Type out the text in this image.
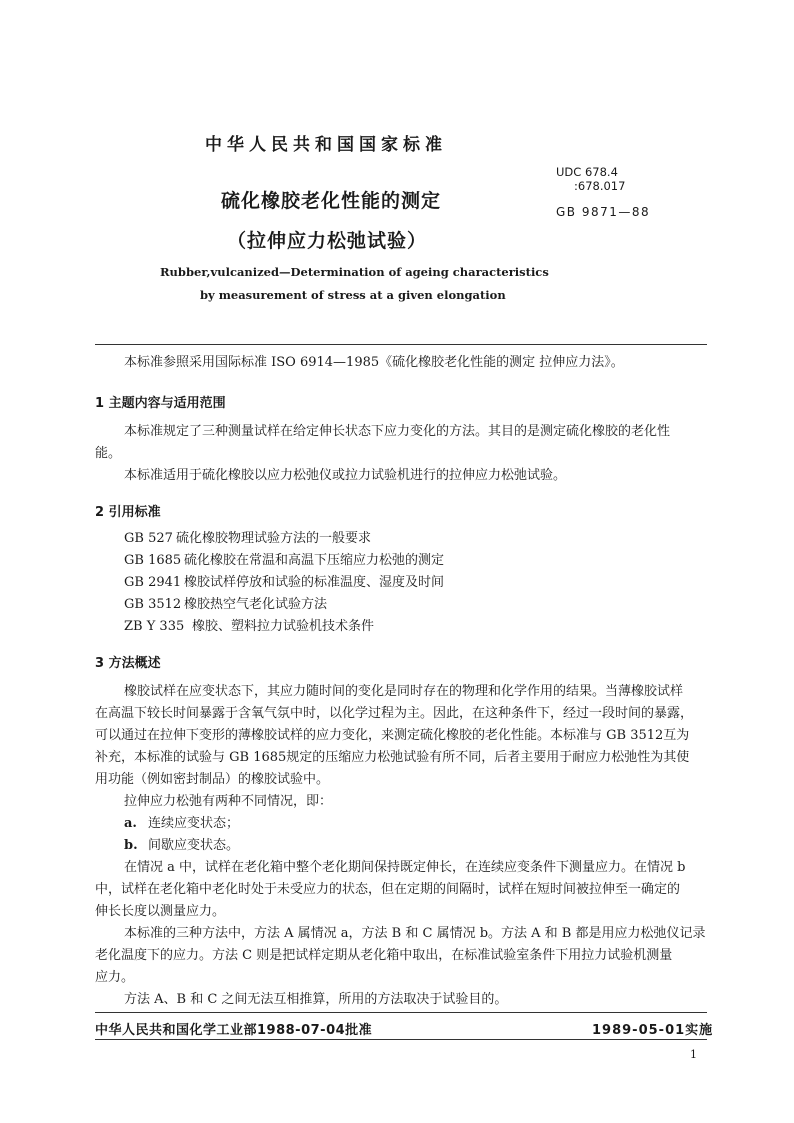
中华人民共和国国家标准
UDC 678.4
:678.017
GB 9871—88
硫化橡胶老化性能的测定
（拉伸应力松弛试验）
Rubber,vulcanized—Determination of ageing characteristics
by measurement of stress at a given elongation
本标准参照采用国际标准 ISO 6914—1985《硫化橡胶老化性能的测定 拉伸应力法》。
1 主题内容与适用范围
本标准规定了三种测量试样在给定伸长状态下应力变化的方法。其目的是测定硫化橡胶的老化性
能。
本标准适用于硫化橡胶以应力松弛仪或拉力试验机进行的拉伸应力松弛试验。
2 引用标准
GB 527 硫化橡胶物理试验方法的一般要求
GB 1685 硫化橡胶在常温和高温下压缩应力松弛的测定
GB 2941 橡胶试样停放和试验的标准温度、湿度及时间
GB 3512 橡胶热空气老化试验方法
ZB Y 335 橡胶、塑料拉力试验机技术条件
3 方法概述
橡胶试样在应变状态下，其应力随时间的变化是同时存在的物理和化学作用的结果。当薄橡胶试样
在高温下较长时间暴露于含氧气氛中时，以化学过程为主。因此，在这种条件下，经过一段时间的暴露，
可以通过在拉伸下变形的薄橡胶试样的应力变化，来测定硫化橡胶的老化性能。本标准与 GB 3512互为
补充，本标准的试验与 GB 1685规定的压缩应力松弛试验有所不同，后者主要用于耐应力松弛性为其使
用功能（例如密封制品）的橡胶试验中。
拉伸应力松弛有两种不同情况，即：
a. 连续应变状态；
b. 间歇应变状态。
在情况 a 中，试样在老化箱中整个老化期间保持既定伸长，在连续应变条件下测量应力。在情况 b
中，试样在老化箱中老化时处于未受应力的状态，但在定期的间隔时，试样在短时间被拉伸至一确定的
伸长长度以测量应力。
本标准的三种方法中，方法 A 属情况 a，方法 B 和 C 属情况 b。方法 A 和 B 都是用应力松弛仪记录
老化温度下的应力。方法 C 则是把试样定期从老化箱中取出，在标准试验室条件下用拉力试验机测量
应力。
方法 A、B 和 C 之间无法互相推算，所用的方法取决于试验目的。
中华人民共和国化学工业部1988-07-04批准	1989-05-01实施
1
